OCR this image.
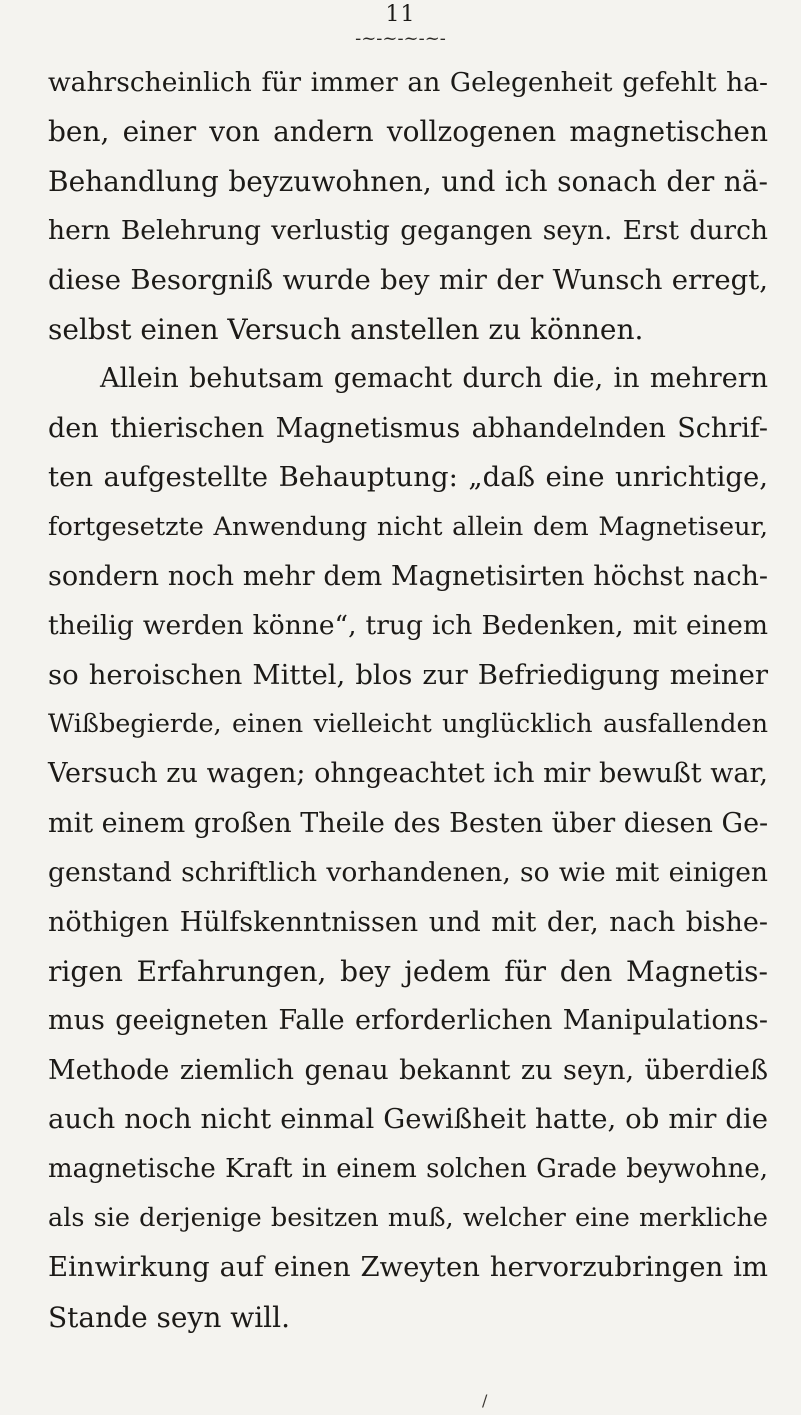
11
-~-~-~-~-
wahrscheinlich für immer an Gelegenheit gefehlt ha-
ben, einer von andern vollzogenen magnetischen
Behandlung beyzuwohnen, und ich sonach der nä-
hern Belehrung verlustig gegangen seyn. Erst durch
diese Besorgniß wurde bey mir der Wunsch erregt,
selbst einen Versuch anstellen zu können.
Allein behutsam gemacht durch die, in mehrern
den thierischen Magnetismus abhandelnden Schrif-
ten aufgestellte Behauptung: „daß eine unrichtige,
fortgesetzte Anwendung nicht allein dem Magnetiseur,
sondern noch mehr dem Magnetisirten höchst nach-
theilig werden könne“, trug ich Bedenken, mit einem
so heroischen Mittel, blos zur Befriedigung meiner
Wißbegierde, einen vielleicht unglücklich ausfallenden
Versuch zu wagen; ohngeachtet ich mir bewußt war,
mit einem großen Theile des Besten über diesen Ge-
genstand schriftlich vorhandenen, so wie mit einigen
nöthigen Hülfskenntnissen und mit der, nach bishe-
rigen Erfahrungen, bey jedem für den Magnetis-
mus geeigneten Falle erforderlichen Manipulations-
Methode ziemlich genau bekannt zu seyn, überdieß
auch noch nicht einmal Gewißheit hatte, ob mir die
magnetische Kraft in einem solchen Grade beywohne,
als sie derjenige besitzen muß, welcher eine merkliche
Einwirkung auf einen Zweyten hervorzubringen im
Stande seyn will.
/
